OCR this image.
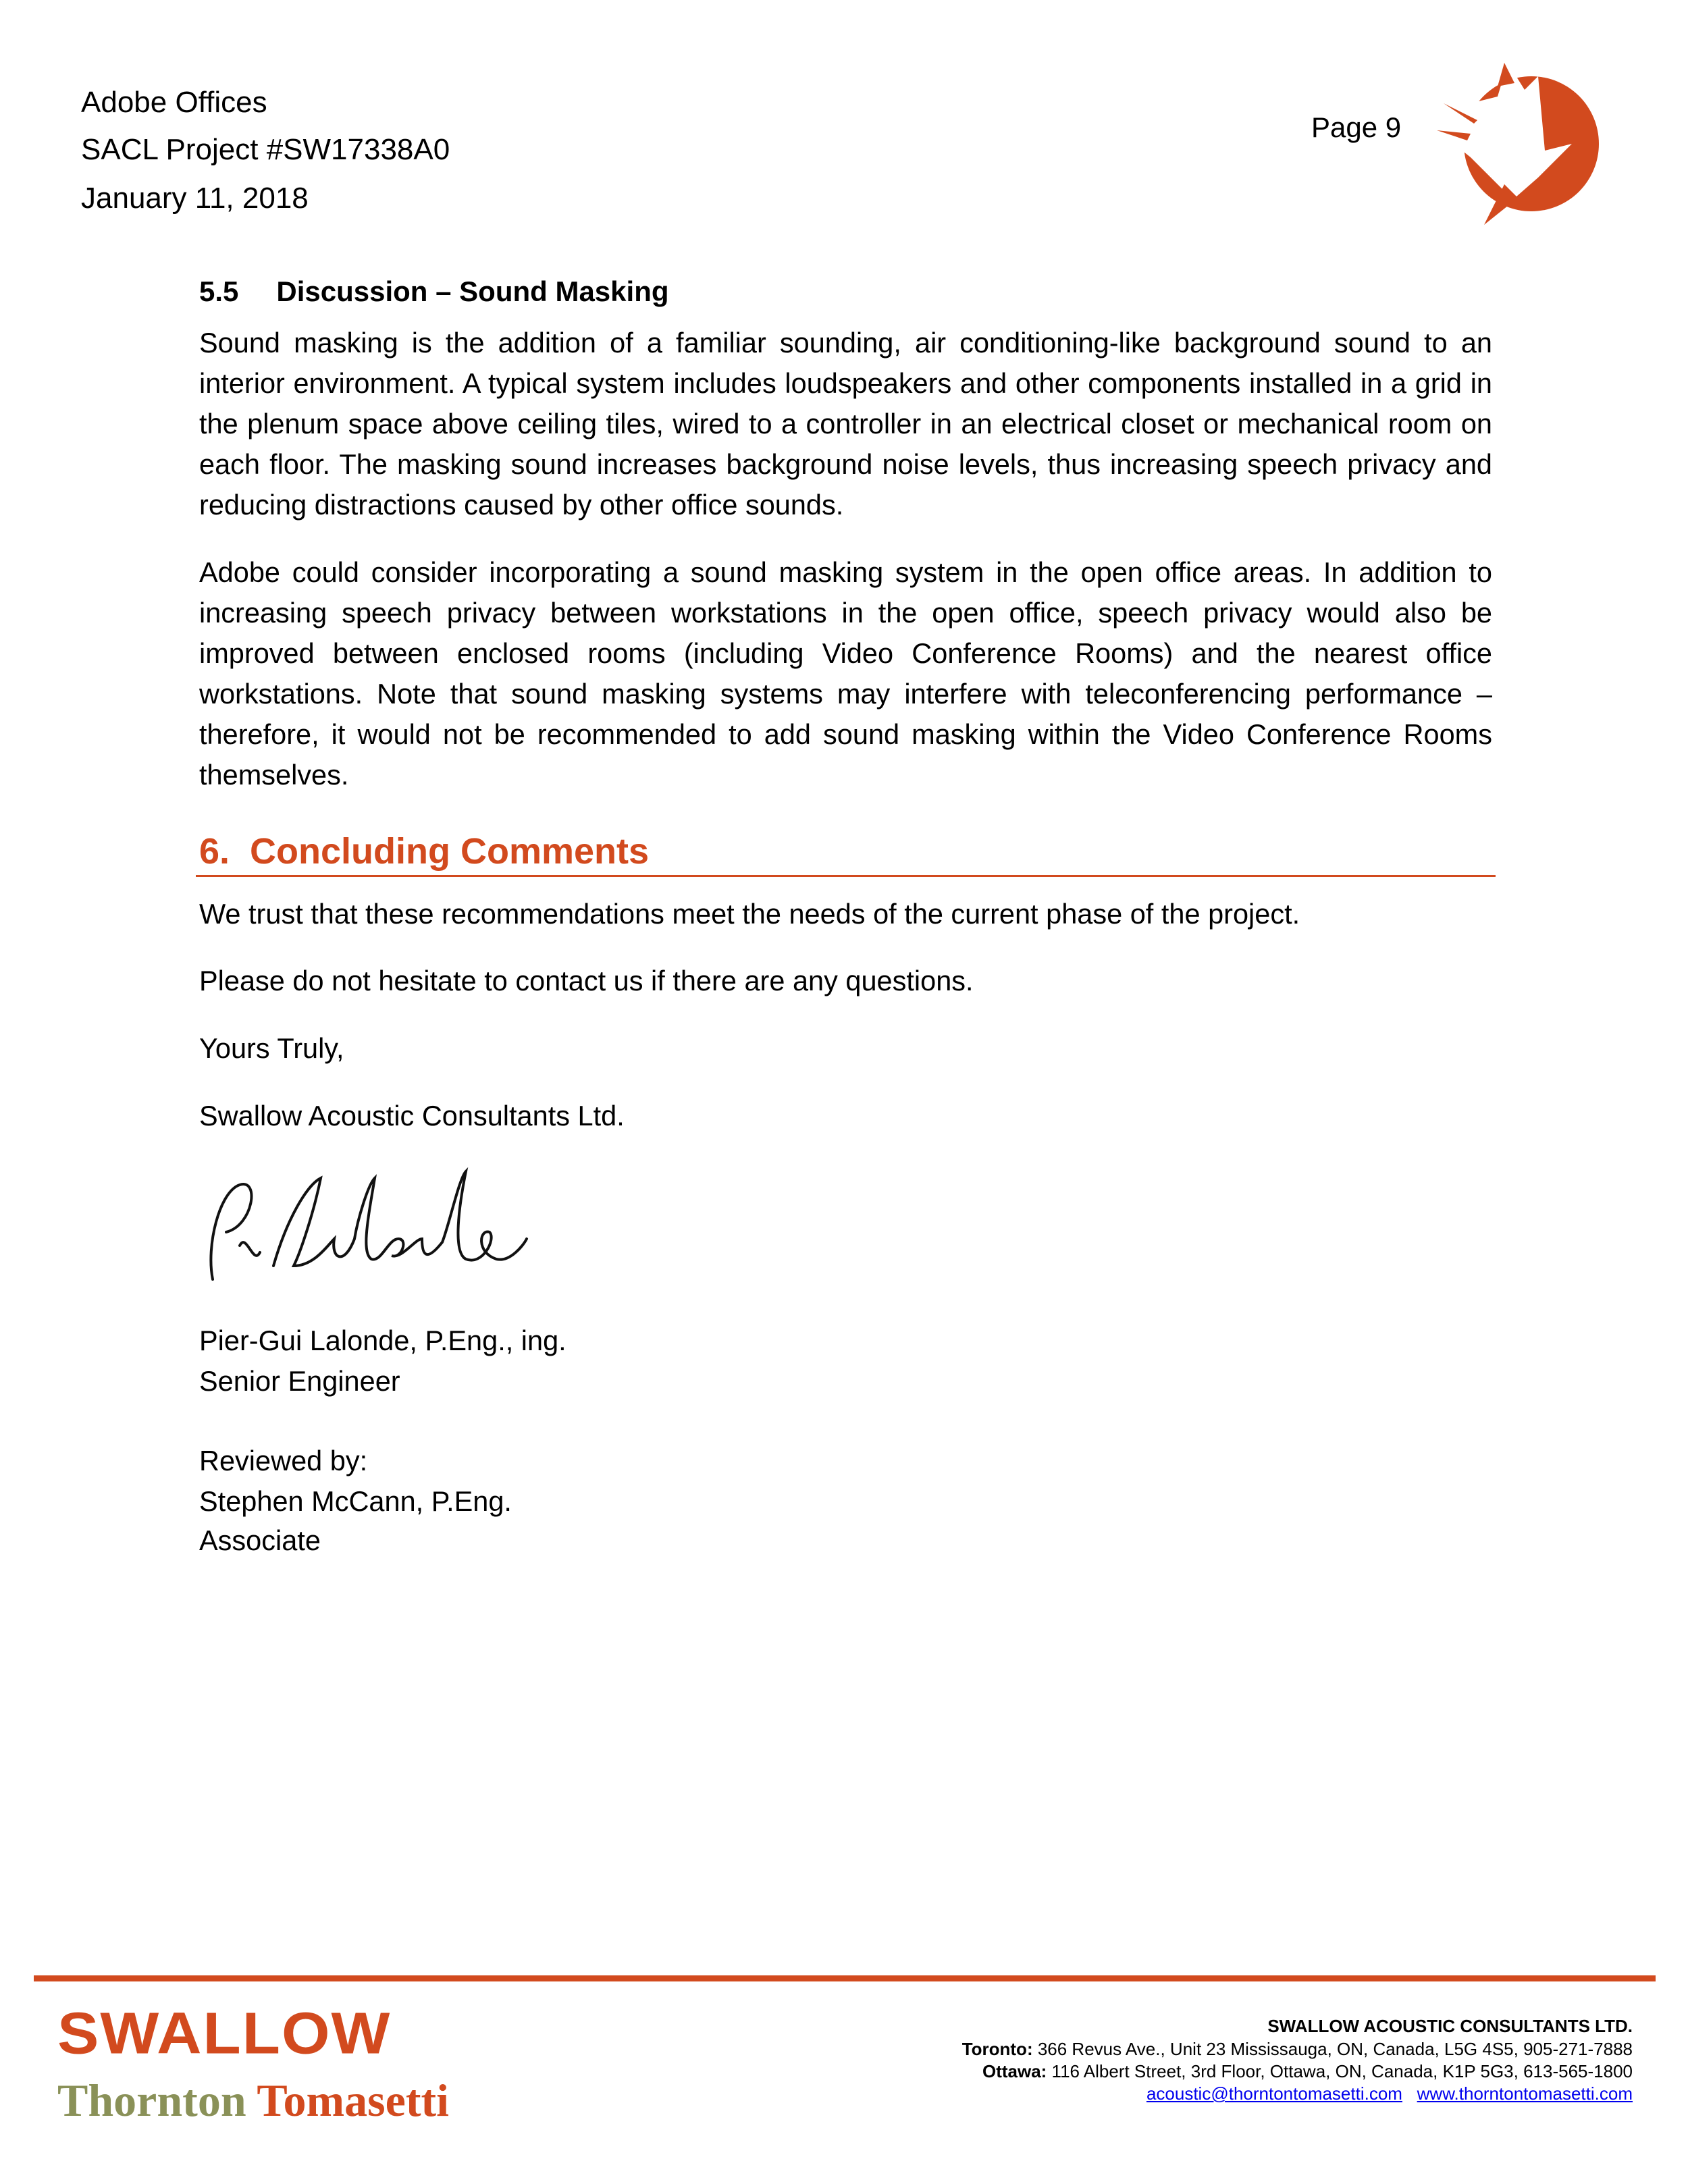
Adobe Offices
SACL Project #SW17338A0
January 11, 2018
Page 9
5.5 Discussion – Sound Masking
Sound masking is the addition of a familiar sounding, air conditioning-like background sound to an interior environment. A typical system includes loudspeakers and other components installed in a grid in the plenum space above ceiling tiles, wired to a controller in an electrical closet or mechanical room on each floor. The masking sound increases background noise levels, thus increasing speech privacy and reducing distractions caused by other office sounds.
Adobe could consider incorporating a sound masking system in the open office areas. In addition to increasing speech privacy between workstations in the open office, speech privacy would also be improved between enclosed rooms (including Video Conference Rooms) and the nearest office workstations. Note that sound masking systems may interfere with teleconferencing performance – therefore, it would not be recommended to add sound masking within the Video Conference Rooms themselves.
6.  Concluding Comments
We trust that these recommendations meet the needs of the current phase of the project.
Please do not hesitate to contact us if there are any questions.
Yours Truly,
Swallow Acoustic Consultants Ltd.
Pier-Gui Lalonde, P.Eng., ing.
Senior Engineer
Reviewed by:
Stephen McCann, P.Eng.
Associate
SWALLOW
Thornton Tomasetti
SWALLOW ACOUSTIC CONSULTANTS LTD.
Toronto: 366 Revus Ave., Unit 23 Mississauga, ON, Canada, L5G 4S5, 905-271-7888
Ottawa: 116 Albert Street, 3rd Floor, Ottawa, ON, Canada, K1P 5G3, 613-565-1800
acoustic@thorntontomasetti.com www.thorntontomasetti.com
